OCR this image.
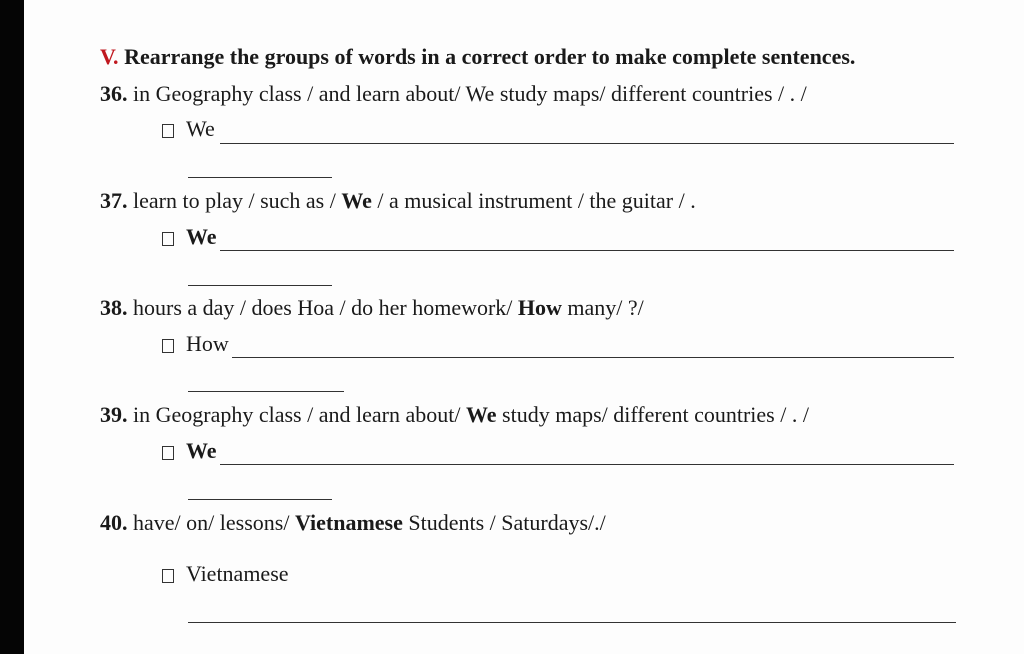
V. Rearrange the groups of words in a correct order to make complete sentences.
36. in Geography class / and learn about/ We study maps/ different countries / . /
We
37. learn to play / such as / We / a musical instrument / the guitar / .
We
38. hours a day / does Hoa / do her homework/ How many/ ?/
How
39. in Geography class / and learn about/ We study maps/ different countries / . /
We
40. have/ on/ lessons/ Vietnamese Students / Saturdays/./
Vietnamese
